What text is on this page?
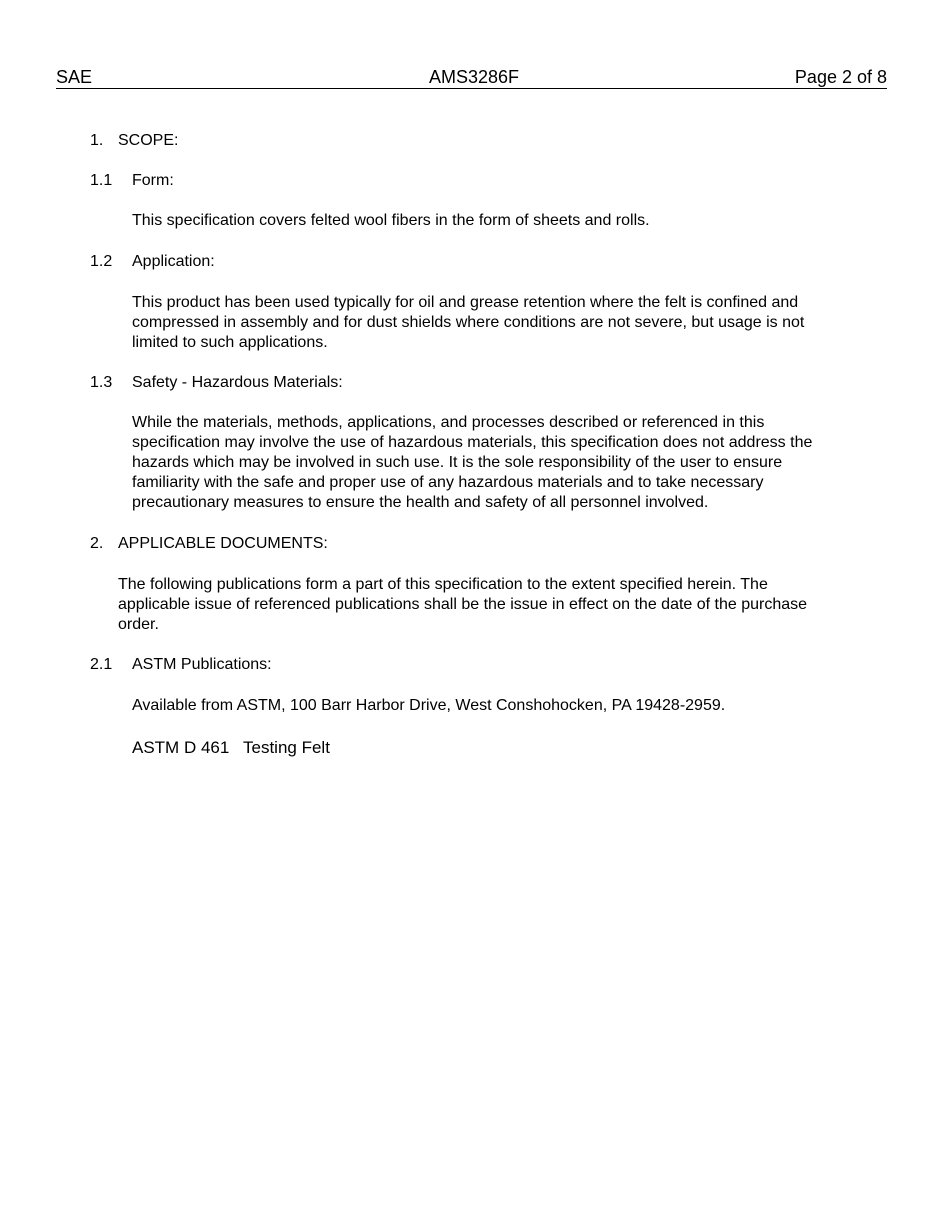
SAE	AMS3286F	Page 2 of 8
1. SCOPE:
1.1 Form:
This specification covers felted wool fibers in the form of sheets and rolls.
1.2 Application:
This product has been used typically for oil and grease retention where the felt is confined and
compressed in assembly and for dust shields where conditions are not severe, but usage is not
limited to such applications.
1.3 Safety - Hazardous Materials:
While the materials, methods, applications, and processes described or referenced in this
specification may involve the use of hazardous materials, this specification does not address the
hazards which may be involved in such use. It is the sole responsibility of the user to ensure
familiarity with the safe and proper use of any hazardous materials and to take necessary
precautionary measures to ensure the health and safety of all personnel involved.
2. APPLICABLE DOCUMENTS:
The following publications form a part of this specification to the extent specified herein. The
applicable issue of referenced publications shall be the issue in effect on the date of the purchase
order.
2.1 ASTM Publications:
Available from ASTM, 100 Barr Harbor Drive, West Conshohocken, PA 19428-2959.
ASTM D 461 Testing Felt
